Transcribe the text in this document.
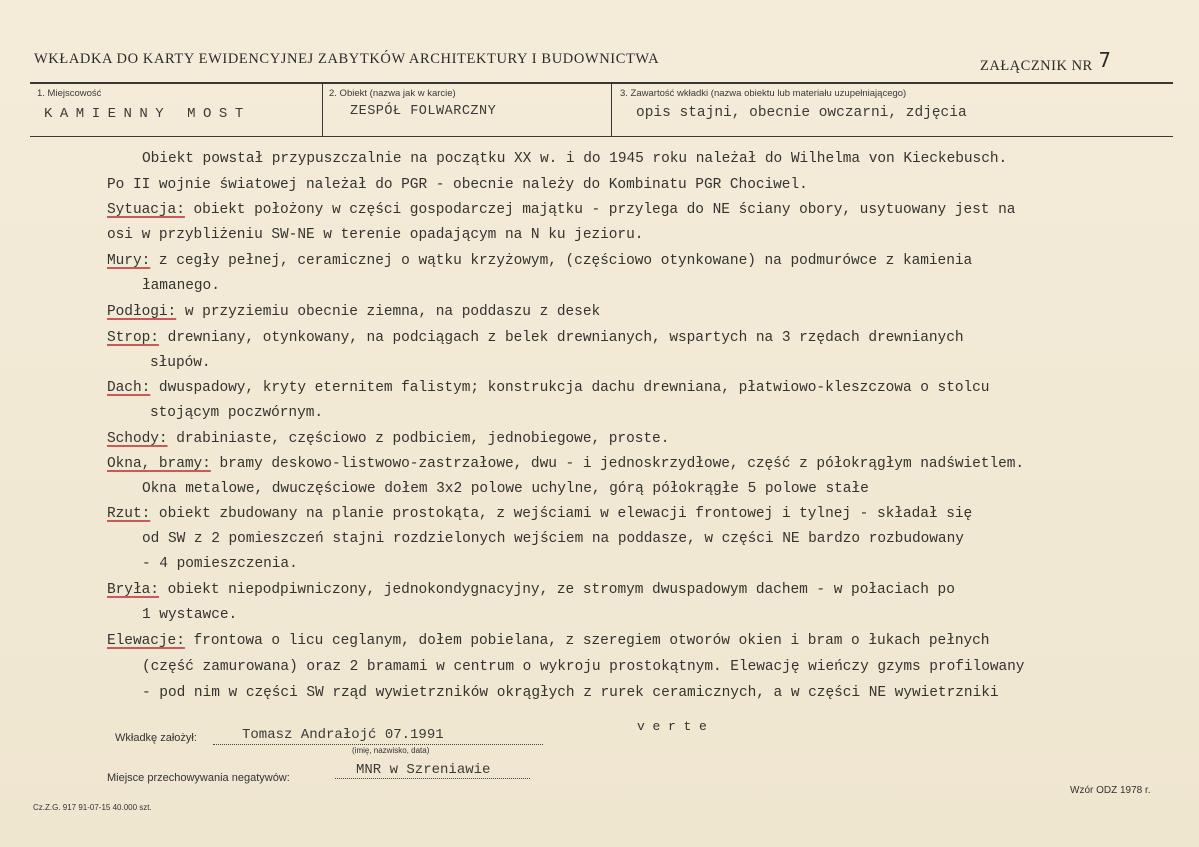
WKŁADKA DO KARTY EWIDENCYJNEJ ZABYTKÓW ARCHITEKTURY I BUDOWNICTWA	ZAŁĄCZNIK NR 7
1. Miejscowość	2. Obiekt (nazwa jak w karcie)	3. Zawartość wkładki (nazwa obiektu lub materiału uzupełniającego)
KAMIENNY MOST	ZESPÓŁ FOLWARCZNY	opis stajni, obecnie owczarni, zdjęcia
Obiekt powstał przypuszczalnie na początku XX w. i do 1945 roku należał do Wilhelma von Kieckebusch.
Po II wojnie światowej należał do PGR - obecnie należy do Kombinatu PGR Chociwel.
Sytuacja: obiekt położony w części gospodarczej majątku - przylega do NE ściany obory, usytuowany jest na
osi w przybliżeniu SW-NE w terenie opadającym na N ku jezioru.
Mury: z cegły pełnej, ceramicznej o wątku krzyżowym, (częściowo otynkowane) na podmurówce z kamienia
łamanego.
Podłogi: w przyziemiu obecnie ziemna, na poddaszu z desek
Strop: drewniany, otynkowany, na podciągach z belek drewnianych, wspartych na 3 rzędach drewnianych
słupów.
Dach: dwuspadowy, kryty eternitem falistym; konstrukcja dachu drewniana, płatwiowo-kleszczowa o stolcu
stojącym poczwórnym.
Schody: drabiniaste, częściowo z podbiciem, jednobiegowe, proste.
Okna, bramy: bramy deskowo-listwowo-zastrzałowe, dwu - i jednoskrzydłowe, część z półokrągłym nadświetlem.
Okna metalowe, dwuczęściowe dołem 3x2 polowe uchylne, górą półokrągłe 5 polowe stałe
Rzut: obiekt zbudowany na planie prostokąta, z wejściami w elewacji frontowej i tylnej - składał się
od SW z 2 pomieszczeń stajni rozdzielonych wejściem na poddasze, w części NE bardzo rozbudowany
- 4 pomieszczenia.
Bryła: obiekt niepodpiwniczony, jednokondygnacyjny, ze stromym dwuspadowym dachem - w połaciach po
1 wystawce.
Elewacje: frontowa o licu ceglanym, dołem pobielana, z szeregiem otworów okien i bram o łukach pełnych
(część zamurowana) oraz 2 bramami w centrum o wykroju prostokątnym. Elewację wieńczy gzyms profilowany
- pod nim w części SW rząd wywietrzników okrągłych z rurek ceramicznych, a w części NE wywietrzniki
v e r t e
Wkładkę założył:	Tomasz Andrałojć 07.1991
(imię, nazwisko, data)
Miejsce przechowywania negatywów:	MNR w Szreniawie
Cz.Z.G. 917 91-07-15 40.000 szt.
Wzór ODZ 1978 r.
